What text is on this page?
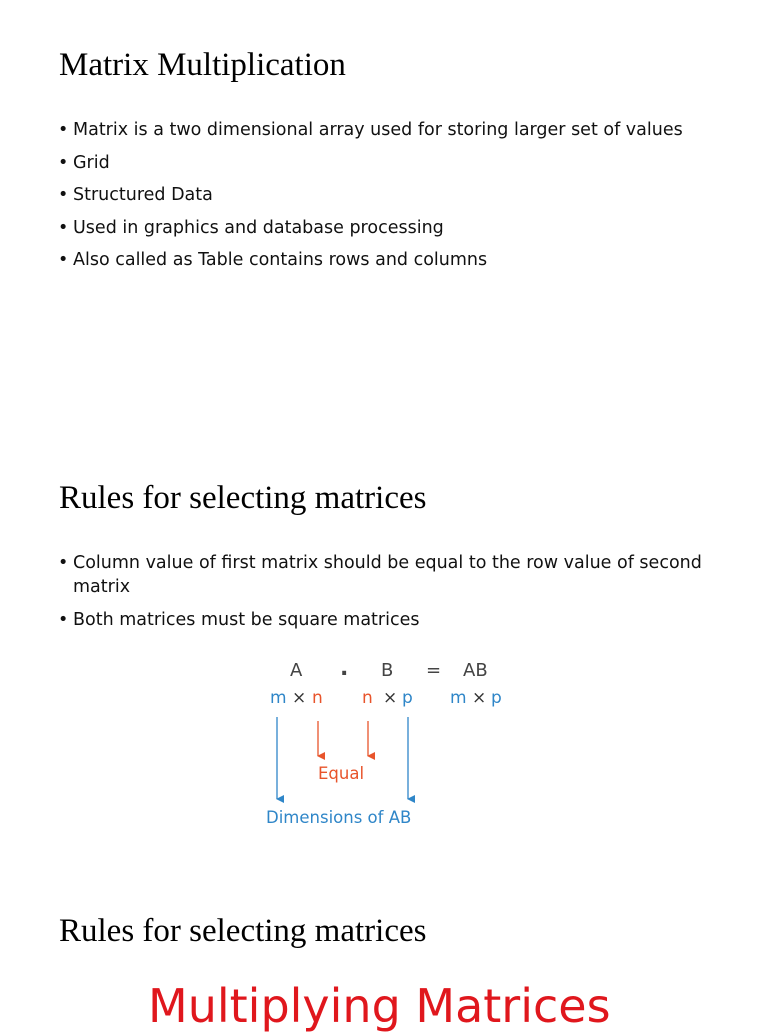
Matrix Multiplication
• Matrix is a two dimensional array used for storing larger set of values
• Grid
• Structured Data
• Used in graphics and database processing
• Also called as Table contains rows and columns
Rules for selecting matrices
• Column value of first matrix should be equal to the row value of second matrix
• Both matrices must be square matrices
A . B = AB
m × n n × p m × p
Equal
Dimensions of AB
Rules for selecting matrices
Multiplying Matrices
